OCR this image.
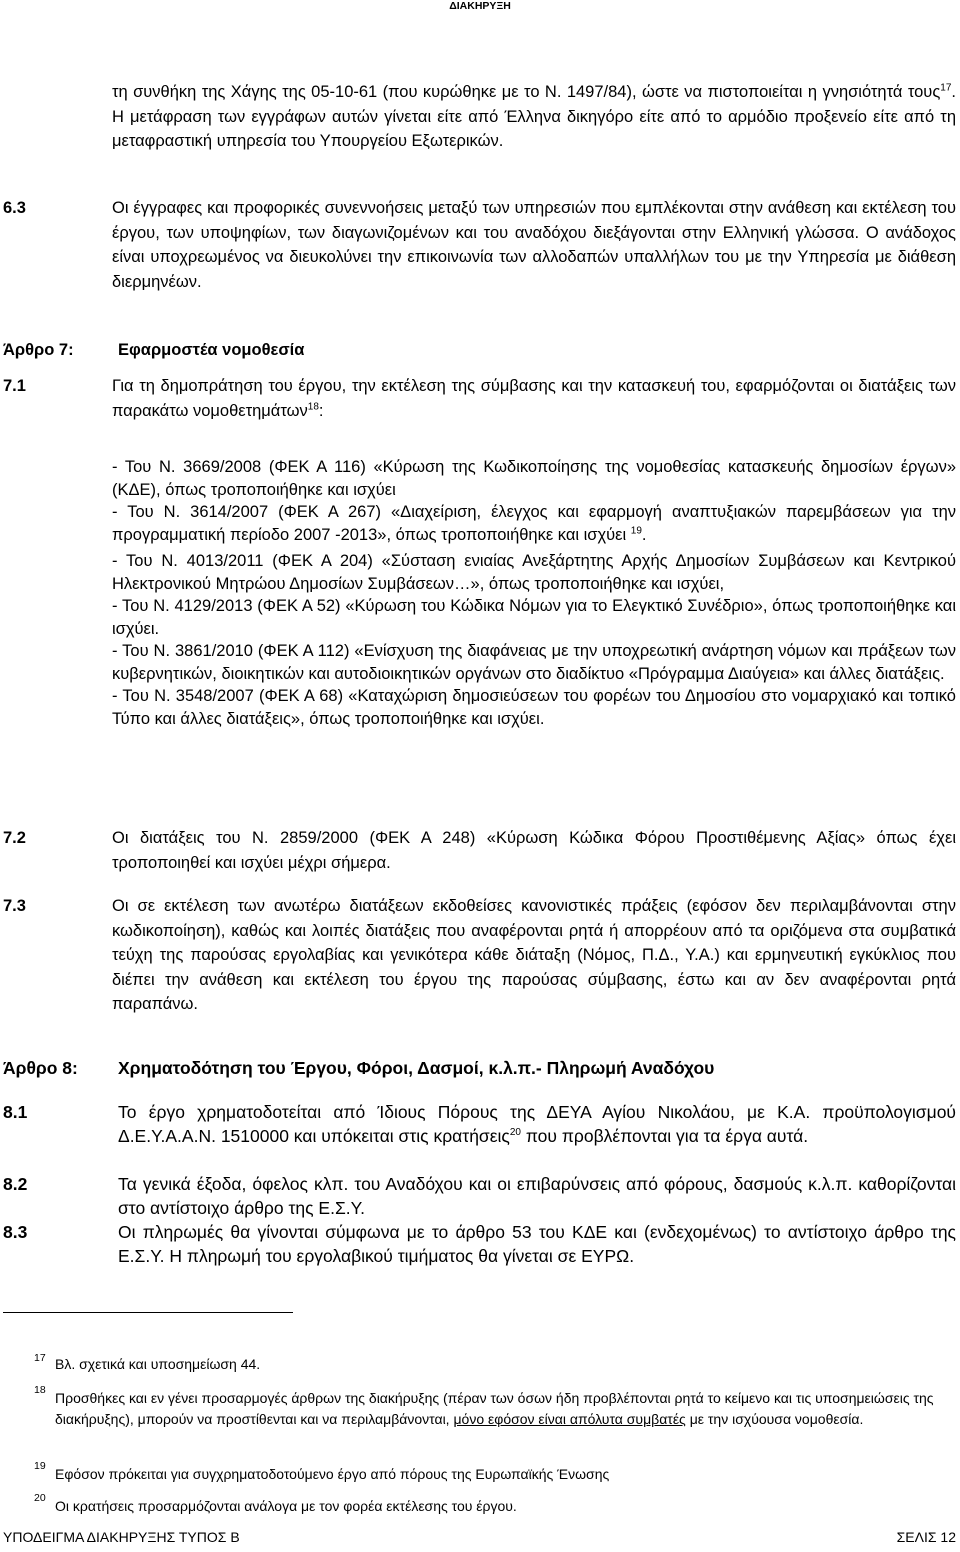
ΔΙΑΚΗΡΥΞΗ
τη συνθήκη της Χάγης της 05-10-61 (που κυρώθηκε με το Ν. 1497/84), ώστε να πιστοποιείται η γνησιότητά τους$^{17}$. Η μετάφραση των εγγράφων αυτών γίνεται είτε από Έλληνα δικηγόρο είτε από το αρμόδιο προξενείο είτε από τη μεταφραστική υπηρεσία του Υπουργείου Εξωτερικών.
6.3	Οι έγγραφες και προφορικές συνεννοήσεις μεταξύ των υπηρεσιών που εμπλέκονται στην ανάθεση και εκτέλεση του έργου, των υποψηφίων, των διαγωνιζομένων και του αναδόχου διεξάγονται στην Ελληνική γλώσσα. Ο ανάδοχος είναι υποχρεωμένος να διευκολύνει την επικοινωνία των αλλοδαπών υπαλλήλων του με την Υπηρεσία με διάθεση διερμηνέων.
Άρθρο 7:	Εφαρμοστέα νομοθεσία
7.1	Για τη δημοπράτηση του έργου, την εκτέλεση της σύμβασης και την κατασκευή του, εφαρμόζονται οι διατάξεις των παρακάτω νομοθετημάτων$^{18}$:
- Του Ν. 3669/2008 (ΦΕΚ Α 116) «Κύρωση της Κωδικοποίησης της νομοθεσίας κατασκευής δημοσίων έργων» (ΚΔΕ), όπως τροποποιήθηκε και ισχύει
- Του Ν. 3614/2007 (ΦΕΚ Α 267) «Διαχείριση, έλεγχος και εφαρμογή αναπτυξιακών παρεμβάσεων για την προγραμματική περίοδο 2007 -2013», όπως τροποποιήθηκε και ισχύει $^{19}$.
- Του Ν. 4013/2011 (ΦΕΚ Α 204) «Σύσταση ενιαίας Ανεξάρτητης Αρχής Δημοσίων Συμβάσεων και Κεντρικού Ηλεκτρονικού Μητρώου Δημοσίων Συμβάσεων…», όπως τροποποιήθηκε και ισχύει,
- Του Ν. 4129/2013 (ΦΕΚ Α 52) «Κύρωση του Κώδικα Νόμων για το Ελεγκτικό Συνέδριο», όπως τροποποιήθηκε και ισχύει.
- Του Ν. 3861/2010 (ΦΕΚ Α 112) «Ενίσχυση της διαφάνειας με την υποχρεωτική ανάρτηση νόμων και πράξεων των κυβερνητικών, διοικητικών και αυτοδιοικητικών οργάνων στο διαδίκτυο «Πρόγραμμα Διαύγεια» και άλλες διατάξεις.
- Του Ν. 3548/2007 (ΦΕΚ Α 68) «Καταχώριση δημοσιεύσεων του φορέων του Δημοσίου στο νομαρχιακό και τοπικό Τύπο και άλλες διατάξεις», όπως τροποποιήθηκε και ισχύει.
7.2	Οι διατάξεις του Ν. 2859/2000 (ΦΕΚ Α 248) «Κύρωση Κώδικα Φόρου Προστιθέμενης Αξίας» όπως έχει τροποποιηθεί και ισχύει μέχρι σήμερα.
7.3	Οι σε εκτέλεση των ανωτέρω διατάξεων εκδοθείσες κανονιστικές πράξεις (εφόσον δεν περιλαμβάνονται στην κωδικοποίηση), καθώς και λοιπές διατάξεις που αναφέρονται ρητά ή απορρέουν από τα οριζόμενα στα συμβατικά τεύχη της παρούσας εργολαβίας και γενικότερα κάθε διάταξη (Νόμος, Π.Δ., Υ.Α.) και ερμηνευτική εγκύκλιος που διέπει την ανάθεση και εκτέλεση του έργου της παρούσας σύμβασης, έστω και αν δεν αναφέρονται ρητά παραπάνω.
Άρθρο 8: Χρηματοδότηση του Έργου, Φόροι, Δασμοί, κ.λ.π.- Πληρωμή Αναδόχου
8.1	Το έργο χρηματοδοτείται από Ίδιους Πόρους της ΔΕΥΑ Αγίου Νικολάου, με Κ.Α. προϋπολογισμού Δ.Ε.Υ.Α.Α.Ν. 1510000 και υπόκειται στις κρατήσεις$^{20}$ που προβλέπονται για τα έργα αυτά.
8.2	Τα γενικά έξοδα, όφελος κλπ. του Αναδόχου και οι επιβαρύνσεις από φόρους, δασμούς κ.λ.π. καθορίζονται στο αντίστοιχο άρθρο της Ε.Σ.Υ.
8.3	Οι πληρωμές θα γίνονται σύμφωνα με το άρθρο 53 του ΚΔΕ και (ενδεχομένως) το αντίστοιχο άρθρο της Ε.Σ.Υ. Η πληρωμή του εργολαβικού τιμήματος θα γίνεται σε ΕΥΡΩ.
17 Βλ. σχετικά και υποσημείωση 44.
18 Προσθήκες και εν γένει προσαρμογές άρθρων της διακήρυξης (πέραν των όσων ήδη προβλέπονται ρητά το κείμενο και τις υποσημειώσεις της διακήρυξης), μπορούν να προστίθενται και να περιλαμβάνονται, μόνο εφόσον είναι απόλυτα συμβατές με την ισχύουσα νομοθεσία.
19 Εφόσον πρόκειται για συγχρηματοδοτούμενο έργο από πόρους της Ευρωπαϊκής Ένωσης
20 Οι κρατήσεις προσαρμόζονται ανάλογα με τον φορέα εκτέλεσης του έργου.
ΥΠΟΔΕΙΓΜΑ ΔΙΑΚΗΡΥΞΗΣ ΤΥΠΟΣ Β	ΣΕΛΙΣ 12
